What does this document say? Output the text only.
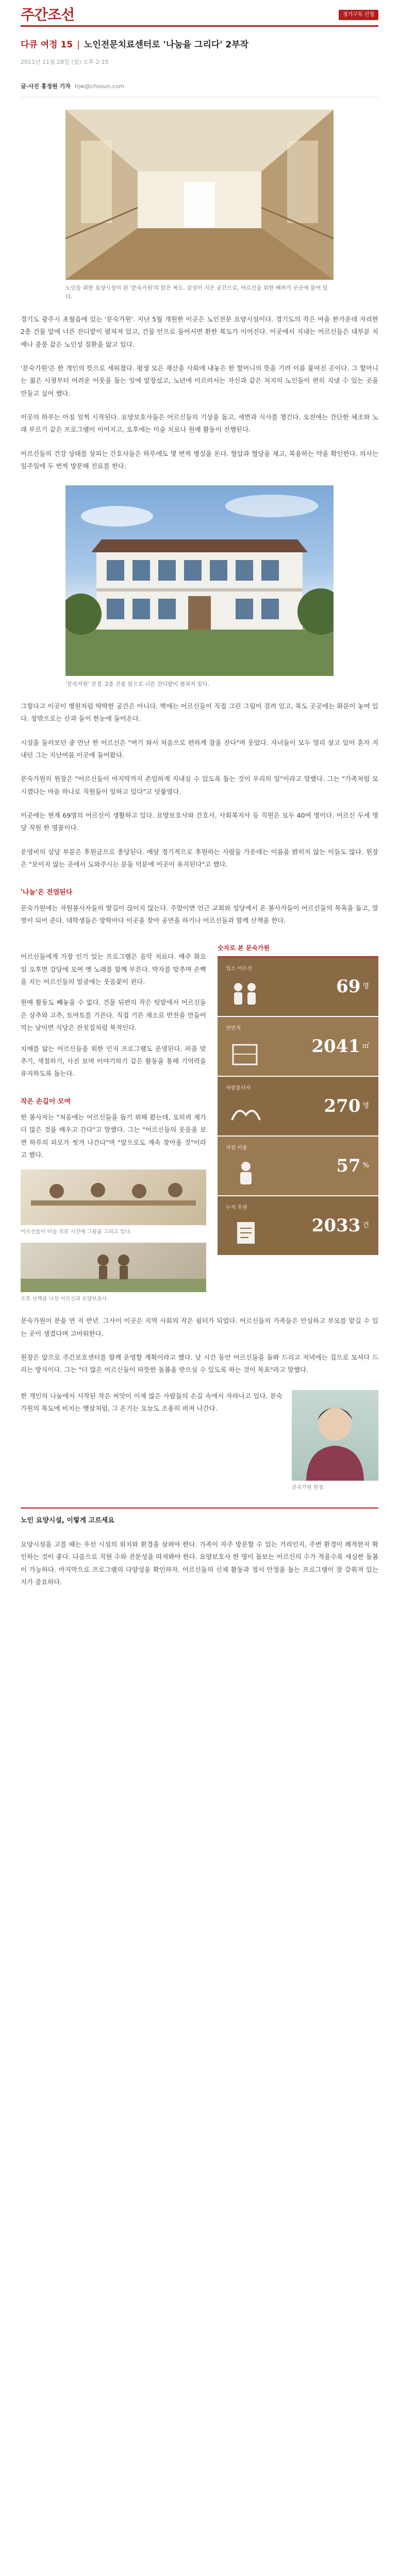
주간조선	정기구독 신청
다큐 여정 15 | 노인전문치료센터로 '나눔을 그리다' 2부작
2011년 11월 28일 (월) 오후 2:15
글·사진 홍정원 기자 hjw@chosun.com
노인을 위한 요양시설이 된 '문숙가원'의 맑은 복도. 삼성이 지은 공간으로, 어르신을 위한 배려가 곳곳에 묻어 있다.

경기도 광주시 초월읍에 있는 '문숙가원'. 지난 5월 개원한 이곳은 노인전문 요양시설이다. 경기도의 작은 마을 한가운데 자리한 2층 건물 앞에 너른 잔디밭이 펼쳐져 있고, 건물 안으로 들어서면 환한 복도가 이어진다. 이곳에서 지내는 어르신들은 대부분 치매나 중풍 같은 노인성 질환을 앓고 있다.

'문숙가원'은 한 개인의 뜻으로 세워졌다. 평생 모은 재산을 사회에 내놓은 한 할머니의 뜻을 기려 이름 붙여진 곳이다. 그 할머니는 젊은 시절부터 어려운 이웃을 돕는 일에 앞장섰고, 노년에 이르러서는 자신과 같은 처지의 노인들이 편히 지낼 수 있는 곳을 만들고 싶어 했다.

이곳의 하루는 아침 일찍 시작된다. 요양보호사들은 어르신들의 기상을 돕고, 세면과 식사를 챙긴다. 오전에는 간단한 체조와 노래 부르기 같은 프로그램이 이어지고, 오후에는 미술 치료나 원예 활동이 진행된다.

어르신들의 건강 상태를 살피는 간호사들은 하루에도 몇 번씩 병실을 돈다. 혈압과 혈당을 재고, 복용하는 약을 확인한다. 의사는 일주일에 두 번씩 방문해 진료를 한다.

'문숙가원' 전경. 2층 건물 앞으로 너른 잔디밭이 펼쳐져 있다.

그렇다고 이곳이 병원처럼 딱딱한 공간은 아니다. 벽에는 어르신들이 직접 그린 그림이 걸려 있고, 복도 곳곳에는 화분이 놓여 있다. 창밖으로는 산과 들이 한눈에 들어온다.

시설을 둘러보던 중 만난 한 어르신은 "여기 와서 처음으로 편하게 잠을 잔다"며 웃었다. 자녀들이 모두 멀리 살고 있어 혼자 지내던 그는 지난여름 이곳에 들어왔다.

문숙가원의 원장은 "어르신들이 마지막까지 존엄하게 지내실 수 있도록 돕는 것이 우리의 일"이라고 말했다. 그는 "가족처럼 모시겠다는 마음 하나로 직원들이 일하고 있다"고 덧붙였다.

이곳에는 현재 69명의 어르신이 생활하고 있다. 요양보호사와 간호사, 사회복지사 등 직원은 모두 40여 명이다. 어르신 두세 명당 직원 한 명꼴이다.

운영비의 상당 부분은 후원금으로 충당된다. 매달 정기적으로 후원하는 사람들 가운데는 이름을 밝히지 않는 이들도 많다. 원장은 "보이지 않는 곳에서 도와주시는 분들 덕분에 이곳이 유지된다"고 했다.

'나눔'은 전염된다

문숙가원에는 자원봉사자들의 발길이 끊이지 않는다. 주말이면 인근 교회와 성당에서 온 봉사자들이 어르신들의 목욕을 돕고, 말벗이 되어 준다. 대학생들은 방학마다 이곳을 찾아 공연을 하거나 어르신들과 함께 산책을 한다.

어르신들에게 가장 인기 있는 프로그램은 음악 치료다. 매주 화요일 오후면 강당에 모여 옛 노래를 함께 부른다. 박자를 맞추며 손뼉을 치는 어르신들의 얼굴에는 웃음꽃이 핀다.

원예 활동도 빼놓을 수 없다. 건물 뒤편의 작은 텃밭에서 어르신들은 상추와 고추, 토마토를 기른다. 직접 기른 채소로 반찬을 만들어 먹는 날이면 식당은 잔칫집처럼 북적인다.

치매를 앓는 어르신들을 위한 인지 프로그램도 운영된다. 퍼즐 맞추기, 색칠하기, 사진 보며 이야기하기 같은 활동을 통해 기억력을 유지하도록 돕는다.

작은 손길이 모여

한 봉사자는 "처음에는 어르신들을 돕기 위해 왔는데, 오히려 제가 더 많은 것을 배우고 간다"고 말했다. 그는 "어르신들의 웃음을 보면 하루의 피로가 씻겨 나간다"며 "앞으로도 계속 찾아올 것"이라고 했다.

어르신들이 미술 치료 시간에 그림을 그리고 있다.
오후 산책을 나선 어르신과 요양보호사.
숫자로 본 문숙가원
입소 어르신
69 명
연면적
2041 ㎡
자원봉사자
270 명
직원 비율
57 %
누적 후원
2033 건

문숙가원이 문을 연 지 반년. 그사이 이곳은 지역 사회의 작은 쉼터가 되었다. 어르신들의 가족들은 안심하고 부모를 맡길 수 있는 곳이 생겼다며 고마워한다.

원장은 앞으로 주간보호센터를 함께 운영할 계획이라고 했다. 낮 시간 동안 어르신들을 돌봐 드리고 저녁에는 집으로 모셔다 드리는 방식이다. 그는 "더 많은 어르신들이 따뜻한 돌봄을 받으실 수 있도록 하는 것이 목표"라고 말했다.

한 개인의 나눔에서 시작된 작은 씨앗이 이제 많은 사람들의 손길 속에서 자라나고 있다. 문숙가원의 복도에 비치는 햇살처럼, 그 온기는 오늘도 조용히 퍼져 나간다.

문숙가원 원장.
노인 요양시설, 이렇게 고르세요

요양시설을 고를 때는 우선 시설의 위치와 환경을 살펴야 한다. 가족이 자주 방문할 수 있는 거리인지, 주변 환경이 쾌적한지 확인하는 것이 좋다. 다음으로 직원 수와 전문성을 따져봐야 한다. 요양보호사 한 명이 돌보는 어르신의 수가 적을수록 세심한 돌봄이 가능하다. 마지막으로 프로그램의 다양성을 확인하자. 어르신들의 신체 활동과 정서 안정을 돕는 프로그램이 잘 갖춰져 있는지가 중요하다.
